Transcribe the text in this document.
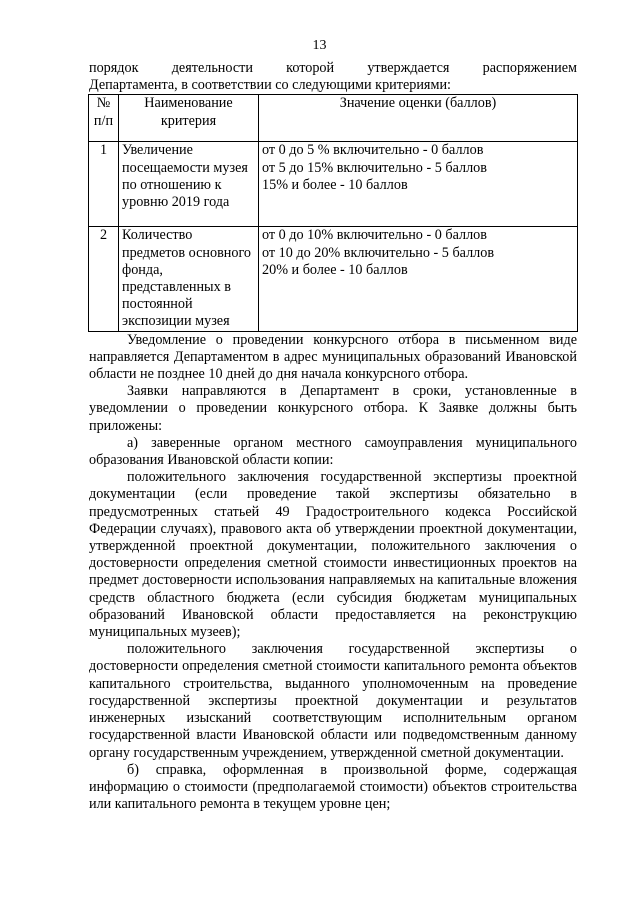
13

порядок деятельности которой утверждается распоряжением

Департамента, в соответствии со следующими критериями:

№ п/п	Наименование критерия	Значение оценки (баллов)
1	Увеличение посещаемости музея по отношению к уровню 2019 года	от 0 до 5 % включительно - 0 баллов
от 5 до 15% включительно - 5 баллов
15% и более - 10 баллов

2	Количество предметов основного фонда, представленных в постоянной экспозиции музея	от 0 до 10% включительно - 0 баллов
от 10 до 20% включительно - 5 баллов
20% и более - 10 баллов

Уведомление о проведении конкурсного отбора в письменном виде направляется Департаментом в адрес муниципальных образований Ивановской области не позднее 10 дней до дня начала конкурсного отбора.

Заявки направляются в Департамент в сроки, установленные в уведомлении о проведении конкурсного отбора. К Заявке должны быть приложены:

а) заверенные органом местного самоуправления муниципального образования Ивановской области копии:

положительного заключения государственной экспертизы проектной документации (если проведение такой экспертизы обязательно в предусмотренных статьей 49 Градостроительного кодекса Российской Федерации случаях), правового акта об утверждении проектной документации, утвержденной проектной документации, положительного заключения о достоверности определения сметной стоимости инвестиционных проектов на предмет достоверности использования направляемых на капитальные вложения средств областного бюджета (если субсидия бюджетам муниципальных образований Ивановской области предоставляется на реконструкцию муниципальных музеев);

положительного заключения государственной экспертизы о достоверности определения сметной стоимости капитального ремонта объектов капитального строительства, выданного уполномоченным на проведение государственной экспертизы проектной документации и результатов инженерных изысканий соответствующим исполнительным органом государственной власти Ивановской области или подведомственным данному органу государственным учреждением, утвержденной сметной документации.

б) справка, оформленная в произвольной форме, содержащая информацию о стоимости (предполагаемой стоимости) объектов строительства или капитального ремонта в текущем уровне цен;
